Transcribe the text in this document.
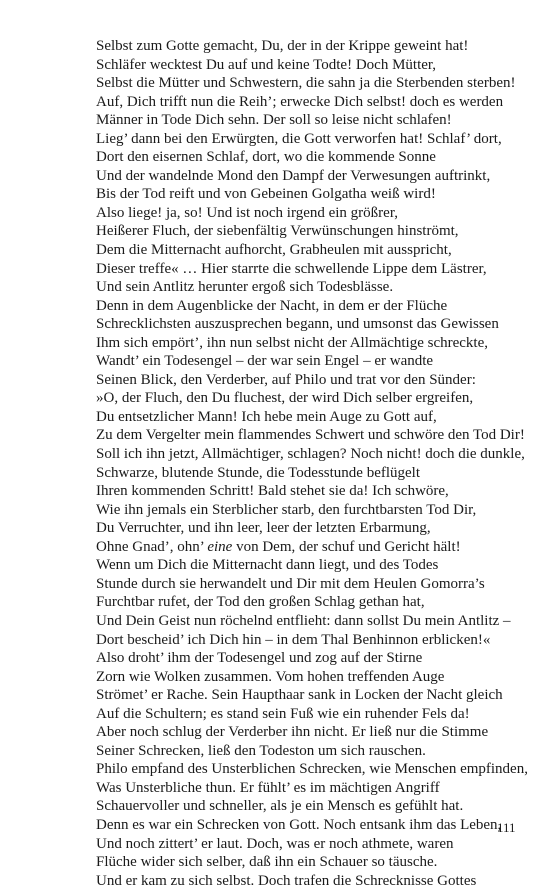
Selbst zum Gotte gemacht, Du, der in der Krippe geweint hat!
Schläfer wecktest Du auf und keine Todte! Doch Mütter,
Selbst die Mütter und Schwestern, die sahn ja die Sterbenden sterben!
Auf, Dich trifft nun die Reih’; erwecke Dich selbst! doch es werden
Männer in Tode Dich sehn. Der soll so leise nicht schlafen!
Lieg’ dann bei den Erwürgten, die Gott verworfen hat! Schlaf’ dort,
Dort den eisernen Schlaf, dort, wo die kommende Sonne
Und der wandelnde Mond den Dampf der Verwesungen auftrinkt,
Bis der Tod reift und von Gebeinen Golgatha weiß wird!
Also liege! ja, so! Und ist noch irgend ein größrer,
Heißerer Fluch, der siebenfältig Verwünschungen hinströmt,
Dem die Mitternacht aufhorcht, Grabheulen mit ausspricht,
Dieser treffe« … Hier starrte die schwellende Lippe dem Lästrer,
Und sein Antlitz herunter ergoß sich Todesblässe.
Denn in dem Augenblicke der Nacht, in dem er der Flüche
Schrecklichsten auszusprechen begann, und umsonst das Gewissen
Ihm sich empört’, ihn nun selbst nicht der Allmächtige schreckte,
Wandt’ ein Todesengel – der war sein Engel – er wandte
Seinen Blick, den Verderber, auf Philo und trat vor den Sünder:
»O, der Fluch, den Du fluchest, der wird Dich selber ergreifen,
Du entsetzlicher Mann! Ich hebe mein Auge zu Gott auf,
Zu dem Vergelter mein flammendes Schwert und schwöre den Tod Dir!
Soll ich ihn jetzt, Allmächtiger, schlagen? Noch nicht! doch die dunkle,
Schwarze, blutende Stunde, die Todesstunde beflügelt
Ihren kommenden Schritt! Bald stehet sie da! Ich schwöre,
Wie ihn jemals ein Sterblicher starb, den furchtbarsten Tod Dir,
Du Verruchter, und ihn leer, leer der letzten Erbarmung,
Ohne Gnad’, ohn’ eine von Dem, der schuf und Gericht hält!
Wenn um Dich die Mitternacht dann liegt, und des Todes
Stunde durch sie herwandelt und Dir mit dem Heulen Gomorra’s
Furchtbar rufet, der Tod den großen Schlag gethan hat,
Und Dein Geist nun röchelnd entflieht: dann sollst Du mein Antlitz –
Dort bescheid’ ich Dich hin – in dem Thal Benhinnon erblicken!«
Also droht’ ihm der Todesengel und zog auf der Stirne
Zorn wie Wolken zusammen. Vom hohen treffenden Auge
Strömet’ er Rache. Sein Haupthaar sank in Locken der Nacht gleich
Auf die Schultern; es stand sein Fuß wie ein ruhender Fels da!
Aber noch schlug der Verderber ihn nicht. Er ließ nur die Stimme
Seiner Schrecken, ließ den Todeston um sich rauschen.
Philo empfand des Unsterblichen Schrecken, wie Menschen empfinden,
Was Unsterbliche thun. Er fühlt’ es im mächtigen Angriff
Schauervoller und schneller, als je ein Mensch es gefühlt hat.
Denn es war ein Schrecken von Gott. Noch entsank ihm das Leben,
Und noch zittert’ er laut. Doch, was er noch athmete, waren
Flüche wider sich selber, daß ihn ein Schauer so täusche.
Und er kam zu sich selbst. Doch trafen die Schrecknisse Gottes
111
